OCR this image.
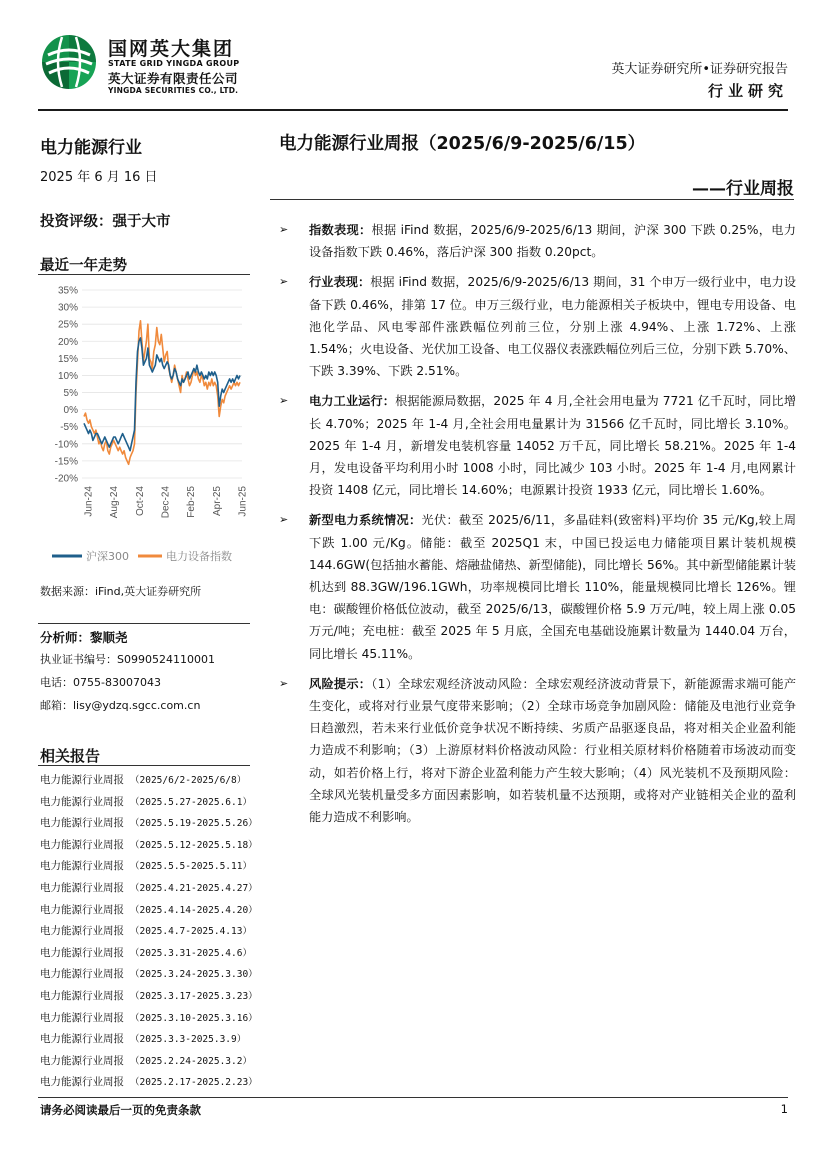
国网英大集团
STATE GRID YINGDA GROUP
英大证券有限责任公司
YINGDA SECURITIES CO., LTD.
英大证券研究所•证券研究报告
行业研究
电力能源行业
2025 年 6 月 16 日
投资评级：强于大市
最近一年走势
35%
30%
25%
20%
15%
10%
5%
0%
-5%
-10%
-15%
-20%
Jun-24 Aug-24 Oct-24 Dec-24 Feb-25 Apr-25 Jun-25
沪深300	电力设备指数
数据来源：iFind,英大证券研究所
分析师：黎顺尧
执业证书编号：S0990524110001
电话：0755-83007043
邮箱：lisy@ydzq.sgcc.com.cn
相关报告
电力能源行业周报 （2025/6/2-2025/6/8）
电力能源行业周报 （2025.5.27-2025.6.1）
电力能源行业周报 （2025.5.19-2025.5.26）
电力能源行业周报 （2025.5.12-2025.5.18）
电力能源行业周报 （2025.5.5-2025.5.11）
电力能源行业周报 （2025.4.21-2025.4.27）
电力能源行业周报 （2025.4.14-2025.4.20）
电力能源行业周报 （2025.4.7-2025.4.13）
电力能源行业周报 （2025.3.31-2025.4.6）
电力能源行业周报 （2025.3.24-2025.3.30）
电力能源行业周报 （2025.3.17-2025.3.23）
电力能源行业周报 （2025.3.10-2025.3.16）
电力能源行业周报 （2025.3.3-2025.3.9）
电力能源行业周报 （2025.2.24-2025.3.2）
电力能源行业周报 （2025.2.17-2025.2.23）
电力能源行业周报（2025/6/9-2025/6/15）
——行业周报
➢ 指数表现：根据 iFind 数据，2025/6/9-2025/6/13 期间，沪深 300 下跌 0.25%，电力设备指数下跌 0.46%，落后沪深 300 指数 0.20pct。
➢ 行业表现：根据 iFind 数据，2025/6/9-2025/6/13 期间，31 个申万一级行业中，电力设备下跌 0.46%，排第 17 位。申万三级行业，电力能源相关子板块中，锂电专用设备、电池化学品、风电零部件涨跌幅位列前三位，分别上涨 4.94%、上涨 1.72%、上涨 1.54%；火电设备、光伏加工设备、电工仪器仪表涨跌幅位列后三位，分别下跌 5.70%、下跌 3.39%、下跌 2.51%。
➢ 电力工业运行：根据能源局数据，2025 年 4 月,全社会用电量为 7721 亿千瓦时，同比增长 4.70%；2025 年 1-4 月,全社会用电量累计为 31566 亿千瓦时，同比增长 3.10%。2025 年 1-4 月，新增发电装机容量 14052 万千瓦，同比增长 58.21%。2025 年 1-4 月，发电设备平均利用小时 1008 小时，同比减少 103 小时。2025 年 1-4 月,电网累计投资 1408 亿元，同比增长 14.60%；电源累计投资 1933 亿元，同比增长 1.60%。
➢ 新型电力系统情况：光伏：截至 2025/6/11，多晶硅料(致密料)平均价 35 元/Kg,较上周下跌 1.00 元/Kg。储能：截至 2025Q1 末，中国已投运电力储能项目累计装机规模 144.6GW(包括抽水蓄能、熔融盐储热、新型储能)，同比增长 56%。其中新型储能累计装机达到 88.3GW/196.1GWh，功率规模同比增长 110%，能量规模同比增长 126%。锂电：碳酸锂价格低位波动，截至 2025/6/13，碳酸锂价格 5.9 万元/吨，较上周上涨 0.05 万元/吨；充电桩：截至 2025 年 5 月底，全国充电基础设施累计数量为 1440.04 万台，同比增长 45.11%。
➢ 风险提示：（1）全球宏观经济波动风险：全球宏观经济波动背景下，新能源需求端可能产生变化，或将对行业景气度带来影响；（2）全球市场竞争加剧风险：储能及电池行业竞争日趋激烈，若未来行业低价竞争状况不断持续、劣质产品驱逐良品，将对相关企业盈利能力造成不利影响；（3）上游原材料价格波动风险：行业相关原材料价格随着市场波动而变动，如若价格上行，将对下游企业盈利能力产生较大影响；（4）风光装机不及预期风险：全球风光装机量受多方面因素影响，如若装机量不达预期，或将对产业链相关企业的盈利能力造成不利影响。
请务必阅读最后一页的免责条款	1
